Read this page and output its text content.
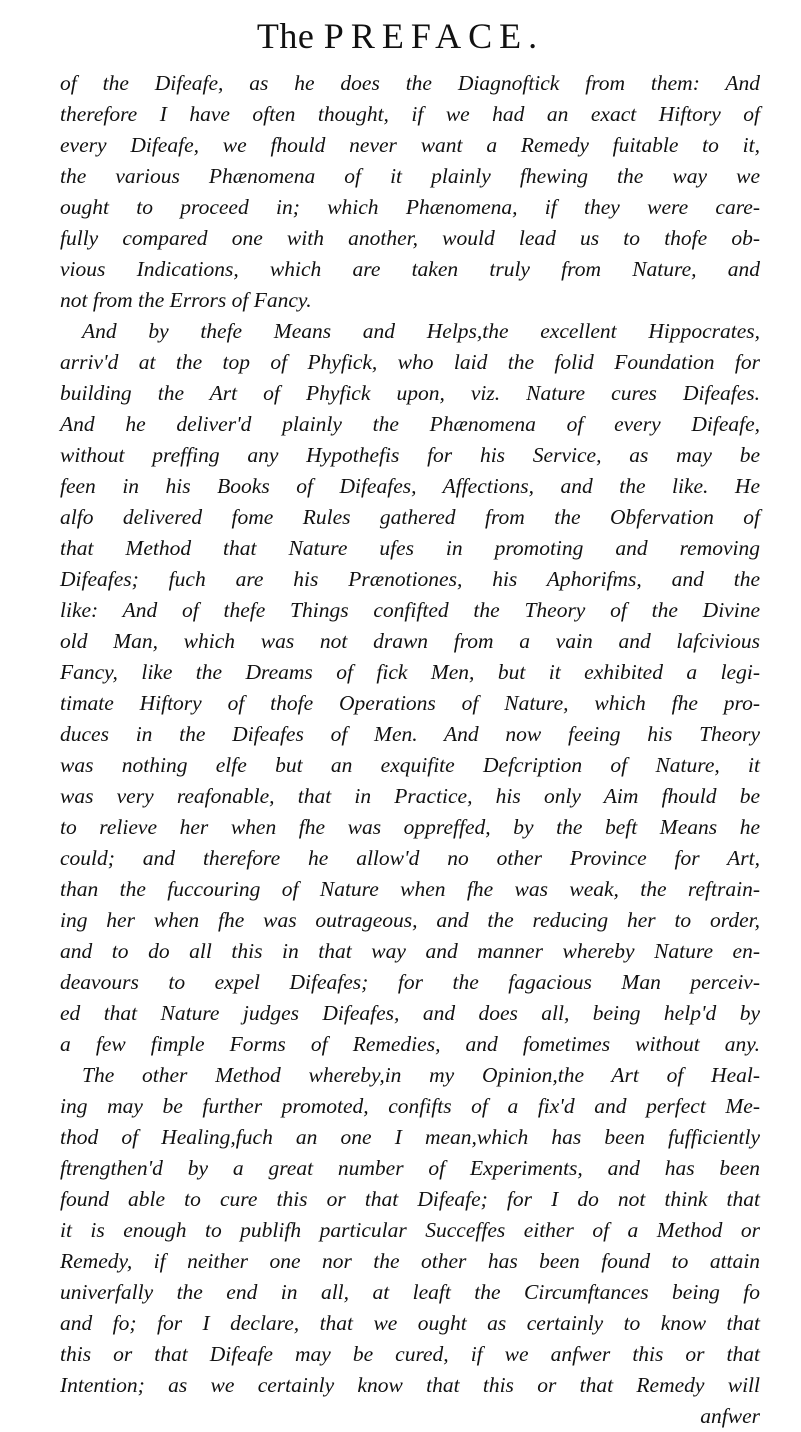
The PREFACE.
of the Difeafe, as he does the Diagnoftick from them: And
therefore I have often thought, if we had an exact Hiftory of
every Difeafe, we fhould never want a Remedy fuitable to it,
the various Phænomena of it plainly fhewing the way we
ought to proceed in; which Phænomena, if they were care-
fully compared one with another, would lead us to thofe ob-
vious Indications, which are taken truly from Nature, and
not from the Errors of Fancy.
And by thefe Means and Helps,the excellent Hippocrates,
arriv'd at the top of Phyfick, who laid the folid Foundation for
building the Art of Phyfick upon, viz. Nature cures Difeafes.
And he deliver'd plainly the Phænomena of every Difeafe,
without preffing any Hypothefis for his Service, as may be
feen in his Books of Difeafes, Affections, and the like. He
alfo delivered fome Rules gathered from the Obfervation of
that Method that Nature ufes in promoting and removing
Difeafes; fuch are his Prænotiones, his Aphorifms, and the
like: And of thefe Things confifted the Theory of the Divine
old Man, which was not drawn from a vain and lafcivious
Fancy, like the Dreams of fick Men, but it exhibited a legi-
timate Hiftory of thofe Operations of Nature, which fhe pro-
duces in the Difeafes of Men. And now feeing his Theory
was nothing elfe but an exquifite Defcription of Nature, it
was very reafonable, that in Practice, his only Aim fhould be
to relieve her when fhe was oppreffed, by the beft Means he
could; and therefore he allow'd no other Province for Art,
than the fuccouring of Nature when fhe was weak, the reftrain-
ing her when fhe was outrageous, and the reducing her to order,
and to do all this in that way and manner whereby Nature en-
deavours to expel Difeafes; for the fagacious Man perceiv-
ed that Nature judges Difeafes, and does all, being help'd by
a few fimple Forms of Remedies, and fometimes without any.
The other Method whereby,in my Opinion,the Art of Heal-
ing may be further promoted, confifts of a fix'd and perfect Me-
thod of Healing,fuch an one I mean,which has been fufficiently
ftrengthen'd by a great number of Experiments, and has been
found able to cure this or that Difeafe; for I do not think that
it is enough to publifh particular Succeffes either of a Method or
Remedy, if neither one nor the other has been found to attain
univerfally the end in all, at leaft the Circumftances being fo
and fo; for I declare, that we ought as certainly to know that
this or that Difeafe may be cured, if we anfwer this or that
Intention; as we certainly know that this or that Remedy will
anfwer
